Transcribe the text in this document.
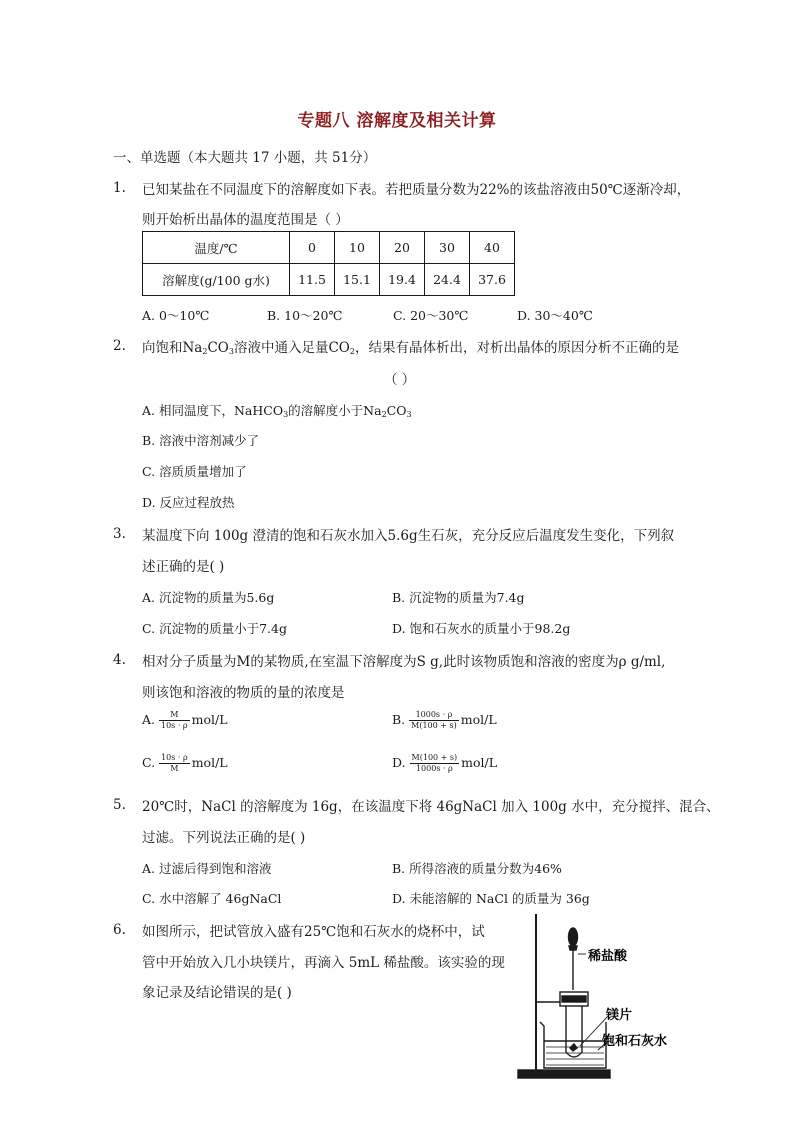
专题八 溶解度及相关计算
一、单选题（本大题共 17 小题，共 51分）
1. 已知某盐在不同温度下的溶解度如下表。若把质量分数为22%的该盐溶液由50℃逐渐冷却，
则开始析出晶体的温度范围是（ ）
温度/℃	0	10	20	30	40
溶解度(g/100 g水)	11.5	15.1	19.4	24.4	37.6
A. 0～10℃	B. 10～20℃	C. 20～30℃	D. 30～40℃
2. 向饱和$Na_2CO_3$溶液中通入足量$CO_2$，结果有晶体析出，对析出晶体的原因分析不正确的是
（ ）
A. 相同温度下，NaHCO$_3$的溶解度小于$Na_2CO_3$
B. 溶液中溶剂减少了
C. 溶质质量增加了
D. 反应过程放热
3. 某温度下向 100g 澄清的饱和石灰水加入5.6g生石灰，充分反应后温度发生变化，下列叙
述正确的是( )
A. 沉淀物的质量为5.6g	B. 沉淀物的质量为7.4g
C. 沉淀物的质量小于7.4g	D. 饱和石灰水的质量小于98.2g
4. 相对分子质量为M的某物质,在室温下溶解度为S g,此时该物质饱和溶液的密度为ρ g/ml,
则该饱和溶液的物质的量的浓度是
A. $\frac{M}{10s \cdot \rho} mol/L$	B. $\frac{1000s \cdot \rho}{M(100 + s)} mol/L$
C. $\frac{10s \cdot \rho}{M} mol/L$	D. $\frac{M(100 + s)}{1000s \cdot \rho} mol/L$
5. 20℃时，NaCl 的溶解度为 16g，在该温度下将 46gNaCl 加入 100g 水中，充分搅拌、混合、
过滤。下列说法正确的是( )
A. 过滤后得到饱和溶液	B. 所得溶液的质量分数为46%
C. 水中溶解了 46gNaCl	D. 未能溶解的 NaCl 的质量为 36g
6. 如图所示，把试管放入盛有25℃饱和石灰水的烧杯中，试
管中开始放入几小块镁片，再滴入 5mL 稀盐酸。该实验的现
象记录及结论错误的是( )
稀盐酸
镁片
饱和石灰水
